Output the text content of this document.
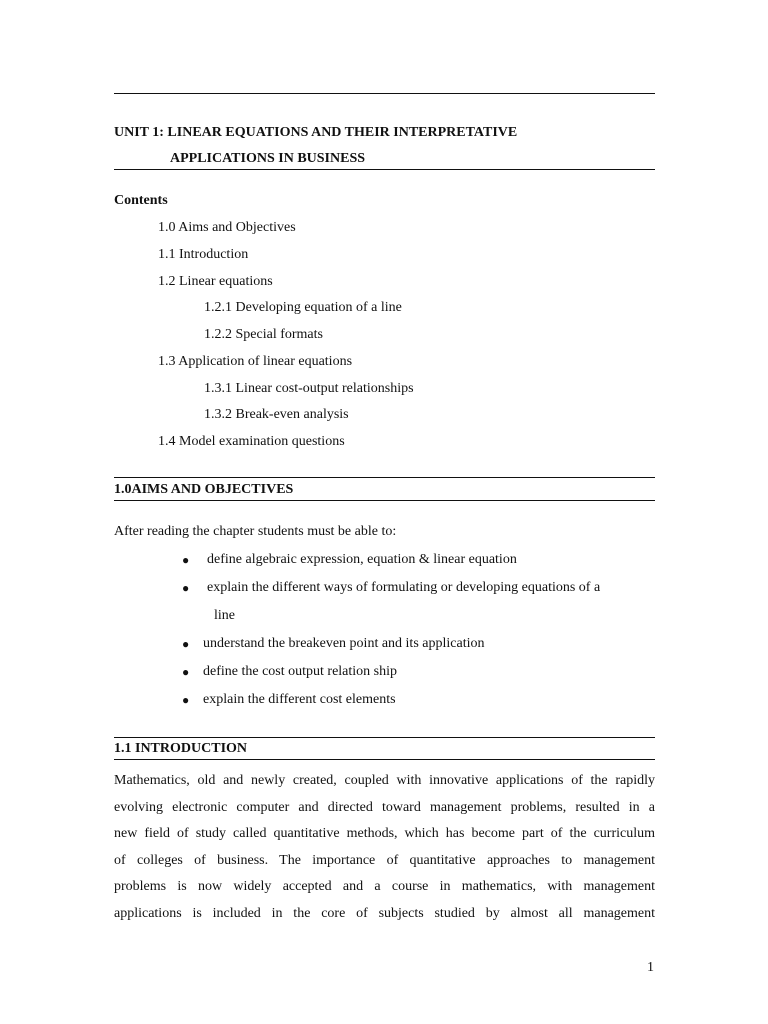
UNIT 1: LINEAR EQUATIONS AND THEIR INTERPRETATIVE
APPLICATIONS IN BUSINESS
Contents
1.0 Aims and Objectives
1.1 Introduction
1.2 Linear equations
1.2.1 Developing equation of a line
1.2.2 Special formats
1.3 Application of linear equations
1.3.1 Linear cost-output relationships
1.3.2 Break-even analysis
1.4 Model examination questions
1.0AIMS AND OBJECTIVES
After reading the chapter students must be able to:
● define algebraic expression, equation & linear equation
● explain the different ways of formulating or developing equations of a
line
● understand the breakeven point and its application
● define the cost output relation ship
● explain the different cost elements
1.1 INTRODUCTION
Mathematics, old and newly created, coupled with innovative applications of the rapidly
evolving electronic computer and directed toward management problems, resulted in a
new field of study called quantitative methods, which has become part of the curriculum
of colleges of business. The importance of quantitative approaches to management
problems is now widely accepted and a course in mathematics, with management
applications is included in the core of subjects studied by almost all management
1
